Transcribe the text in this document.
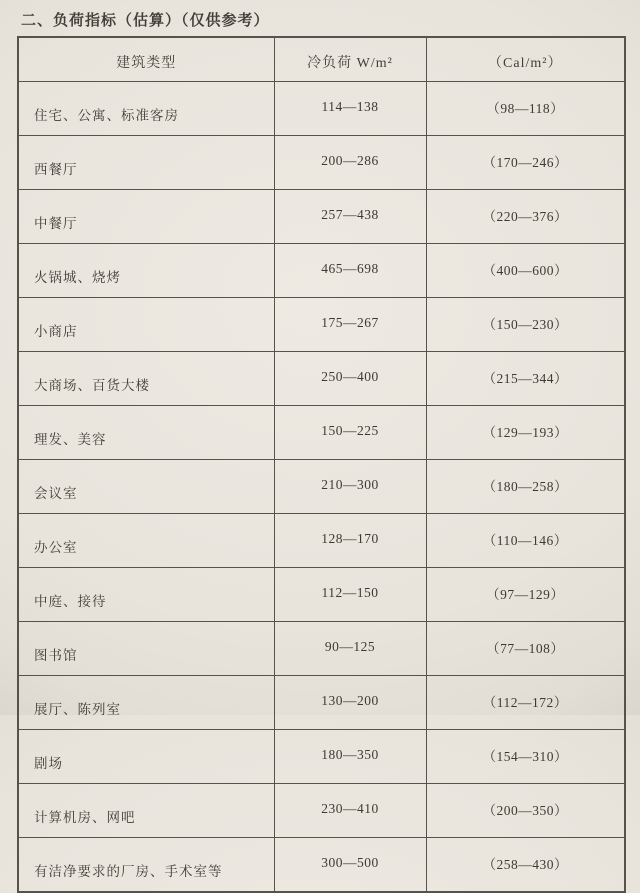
二、负荷指标（估算）（仅供参考）
建筑类型	冷负荷 W/m²	（Cal/m²）
住宅、公寓、标准客房	114—138	（98—118）
西餐厅	200—286	（170—246）
中餐厅	257—438	（220—376）
火锅城、烧烤	465—698	（400—600）
小商店	175—267	（150—230）
大商场、百货大楼	250—400	（215—344）
理发、美容	150—225	（129—193）
会议室	210—300	（180—258）
办公室	128—170	（110—146）
中庭、接待	112—150	（97—129）
图书馆	90—125	（77—108）
展厅、陈列室	130—200	（112—172）
剧场	180—350	（154—310）
计算机房、网吧	230—410	（200—350）
有洁净要求的厂房、手术室等	300—500	（258—430）
